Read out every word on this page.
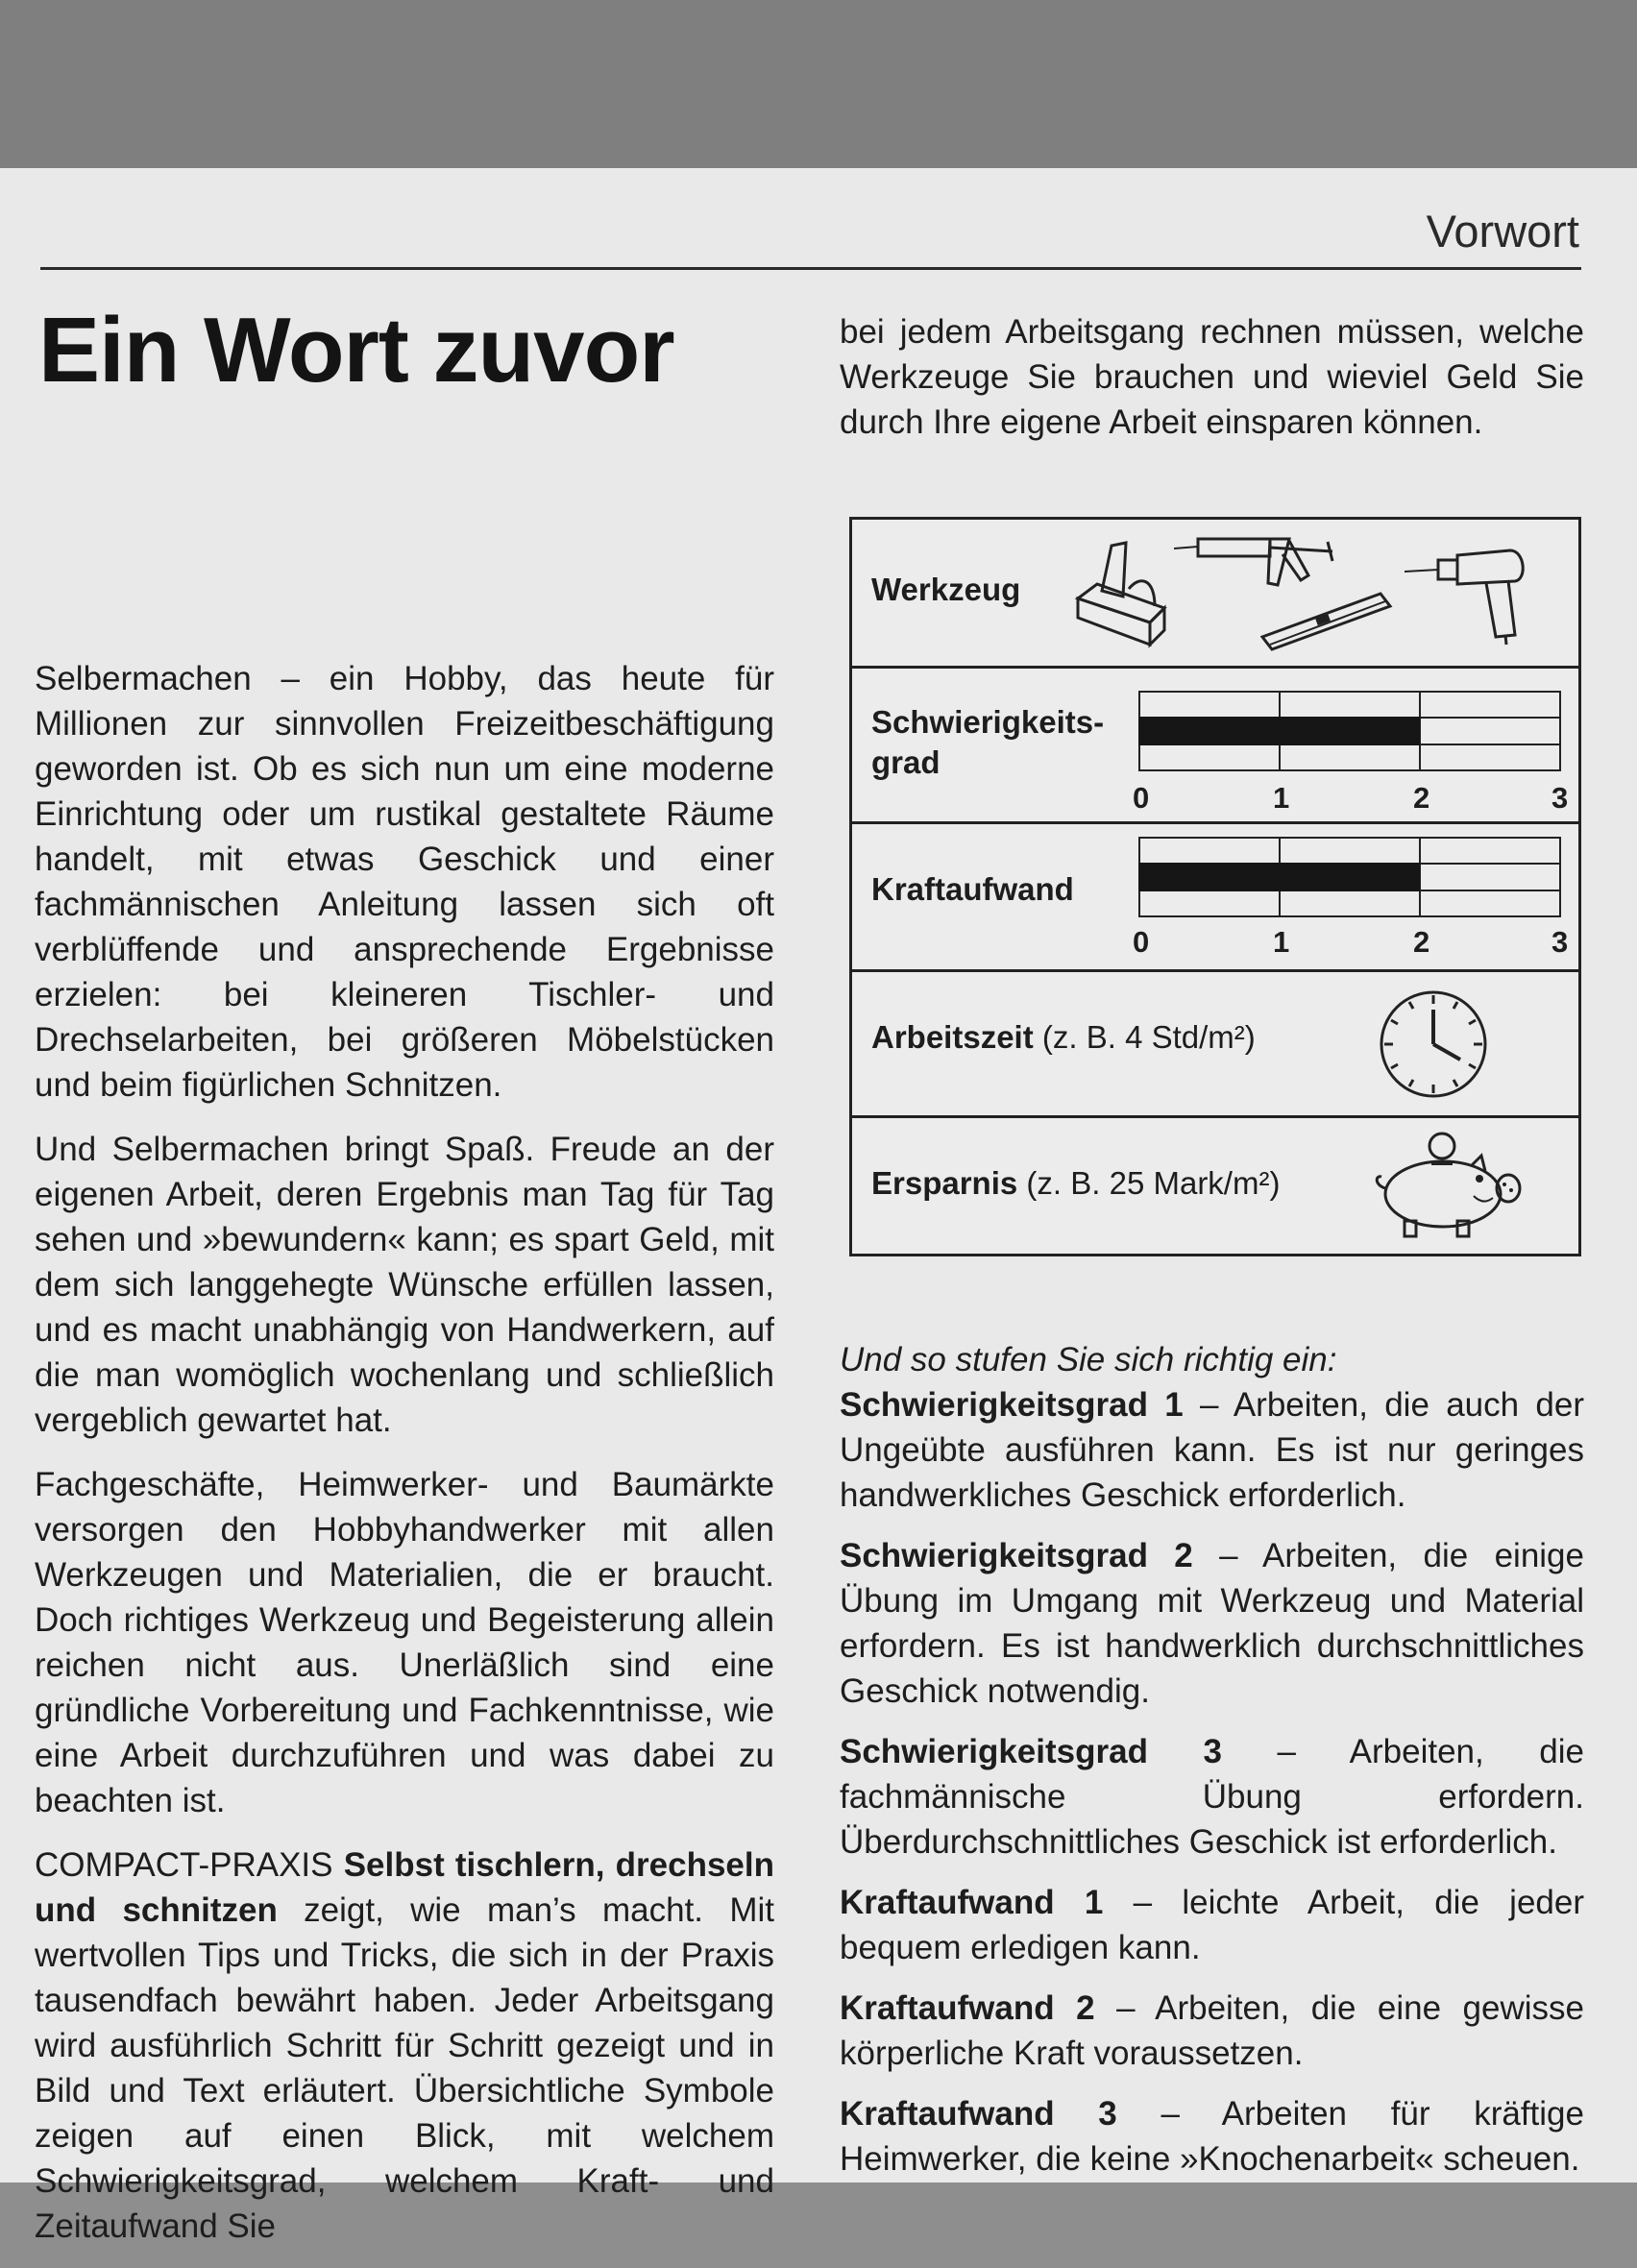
Vorwort
Ein Wort zuvor

Selbermachen – ein Hobby, das heute für Millionen zur sinnvollen Freizeitbeschäftigung geworden ist. Ob es sich nun um eine moderne Einrichtung oder um rustikal gestaltete Räume handelt, mit etwas Geschick und einer fachmännischen Anleitung lassen sich oft verblüffende und ansprechende Ergebnisse erzielen: bei kleineren Tischler- und Drechselarbeiten, bei größeren Möbelstücken und beim figürlichen Schnitzen.

Und Selbermachen bringt Spaß. Freude an der eigenen Arbeit, deren Ergebnis man Tag für Tag sehen und »bewundern« kann; es spart Geld, mit dem sich langgehegte Wünsche erfüllen lassen, und es macht unabhängig von Handwerkern, auf die man womöglich wochenlang und schließlich vergeblich gewartet hat.

Fachgeschäfte, Heimwerker- und Baumärkte versorgen den Hobbyhandwerker mit allen Werkzeugen und Materialien, die er braucht. Doch richtiges Werkzeug und Begeisterung allein reichen nicht aus. Unerläßlich sind eine gründliche Vorbereitung und Fachkenntnisse, wie eine Arbeit durchzuführen und was dabei zu beachten ist.

COMPACT-PRAXIS Selbst tischlern, drechseln und schnitzen zeigt, wie man’s macht. Mit wertvollen Tips und Tricks, die sich in der Praxis tausendfach bewährt haben. Jeder Arbeitsgang wird ausführlich Schritt für Schritt gezeigt und in Bild und Text erläutert. Übersichtliche Symbole zeigen auf einen Blick, mit welchem Schwierigkeitsgrad, welchem Kraft- und Zeitaufwand Sie

bei jedem Arbeitsgang rechnen müssen, welche Werkzeuge Sie brauchen und wieviel Geld Sie durch Ihre eigene Arbeit einsparen können.

Werkzeug
Schwierigkeits-
grad
0	1	2	3
Kraftaufwand
0	1	2	3
Arbeitszeit (z. B. 4 Std/m²)
Ersparnis (z. B. 25 Mark/m²)
Und so stufen Sie sich richtig ein:

Schwierigkeitsgrad 1 – Arbeiten, die auch der Ungeübte ausführen kann. Es ist nur geringes handwerkliches Geschick erforderlich.

Schwierigkeitsgrad 2 – Arbeiten, die einige Übung im Umgang mit Werkzeug und Material erfordern. Es ist handwerklich durchschnittliches Geschick notwendig.

Schwierigkeitsgrad 3 – Arbeiten, die fachmännische Übung erfordern. Überdurchschnittliches Geschick ist erforderlich.

Kraftaufwand 1 – leichte Arbeit, die jeder bequem erledigen kann.

Kraftaufwand 2 – Arbeiten, die eine gewisse körperliche Kraft voraussetzen.

Kraftaufwand 3 – Arbeiten für kräftige Heimwerker, die keine »Knochenarbeit« scheuen.
